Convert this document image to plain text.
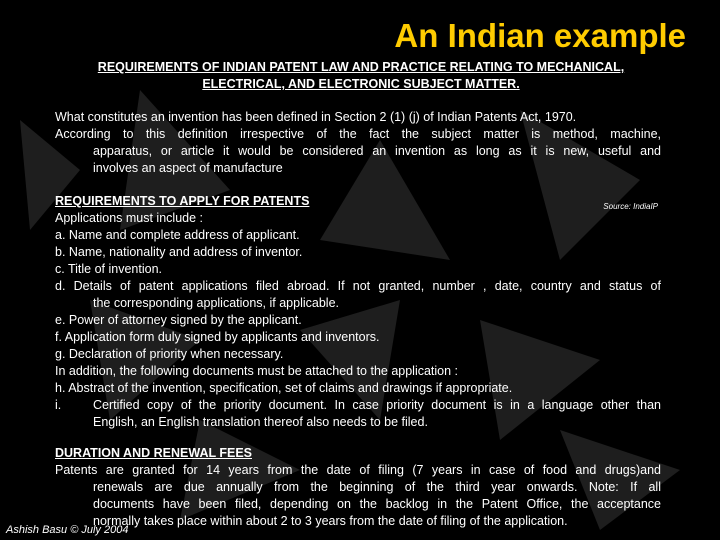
An Indian example
REQUIREMENTS OF INDIAN PATENT LAW AND PRACTICE RELATING TO MECHANICAL,
ELECTRICAL, AND ELECTRONIC SUBJECT MATTER.
What constitutes an invention has been defined in Section 2 (1) (j) of Indian Patents Act, 1970.
According to this definition irrespective of the fact the subject matter is method, machine,
apparatus, or article it would be considered an invention as long as it is new, useful and
involves an aspect of manufacture
Source: IndiaIP
REQUIREMENTS TO APPLY FOR PATENTS
Applications must include :
a. Name and complete address of applicant.
b. Name, nationality and address of inventor.
c. Title of invention.
d. Details of patent applications filed abroad. If not granted, number , date, country and status of
the corresponding applications, if applicable.
e. Power of attorney signed by the applicant.
f. Application form duly signed by applicants and inventors.
g. Declaration of priority when necessary.
In addition, the following documents must be attached to the application :
h. Abstract of the invention, specification, set of claims and drawings if appropriate.
i.	Certified copy of the priority document. In case priority document is in a language other than
English, an English translation thereof also needs to be filed.
DURATION AND RENEWAL FEES
Patents are granted for 14 years from the date of filing (7 years in case of food and drugs)and
renewals are due annually from the beginning of the third year onwards. Note: If all
documents have been filed, depending on the backlog in the Patent Office, the acceptance
normally takes place within about 2 to 3 years from the date of filing of the application.
Ashish Basu © July 2004
